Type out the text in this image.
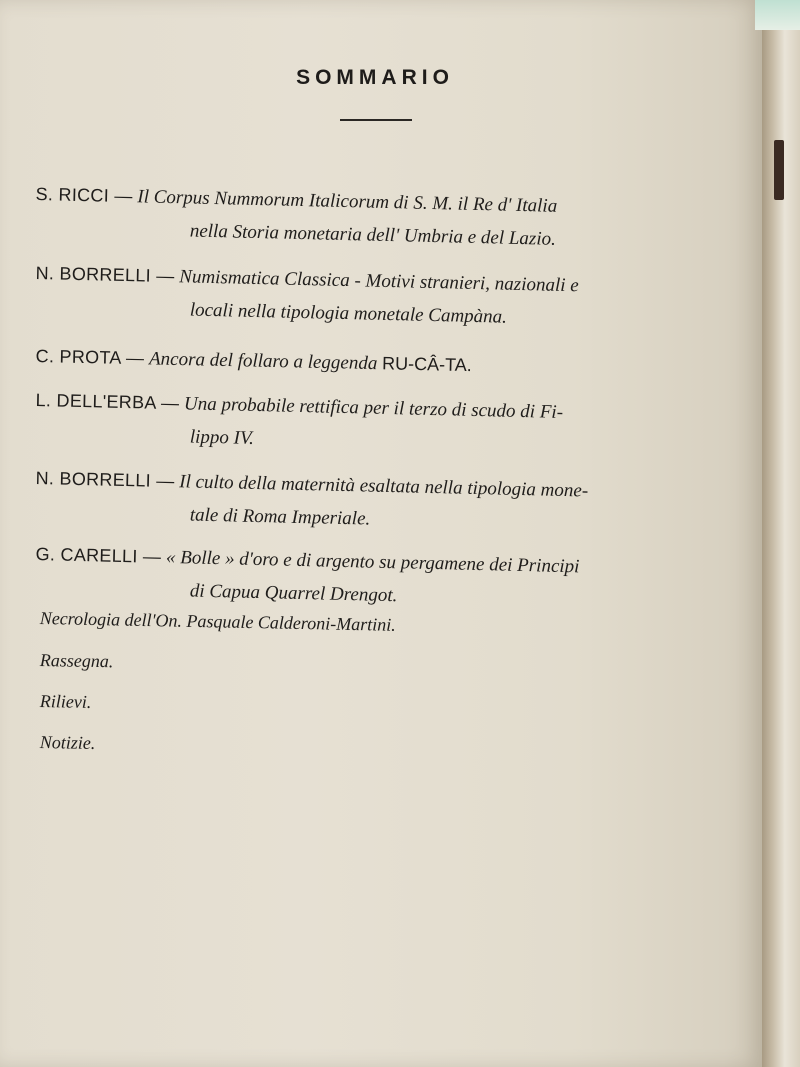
SOMMARIO
S. RICCI — Il Corpus Nummorum Italicorum di S. M. il Re d' Italia
nella Storia monetaria dell' Umbria e del Lazio.
N. BORRELLI — Numismatica Classica - Motivi stranieri, nazionali e
locali nella tipologia monetale Campàna.
C. PROTA — Ancora del follaro a leggenda RU-CÂ-TA.
L. DELL'ERBA — Una probabile rettifica per il terzo di scudo di Fi-
lippo IV.
N. BORRELLI — Il culto della maternità esaltata nella tipologia mone-
tale di Roma Imperiale.
G. CARELLI — « Bolle » d'oro e di argento su pergamene dei Principi
di Capua Quarrel Drengot.
Necrologia dell'On. Pasquale Calderoni-Martini.
Rassegna.
Rilievi.
Notizie.
